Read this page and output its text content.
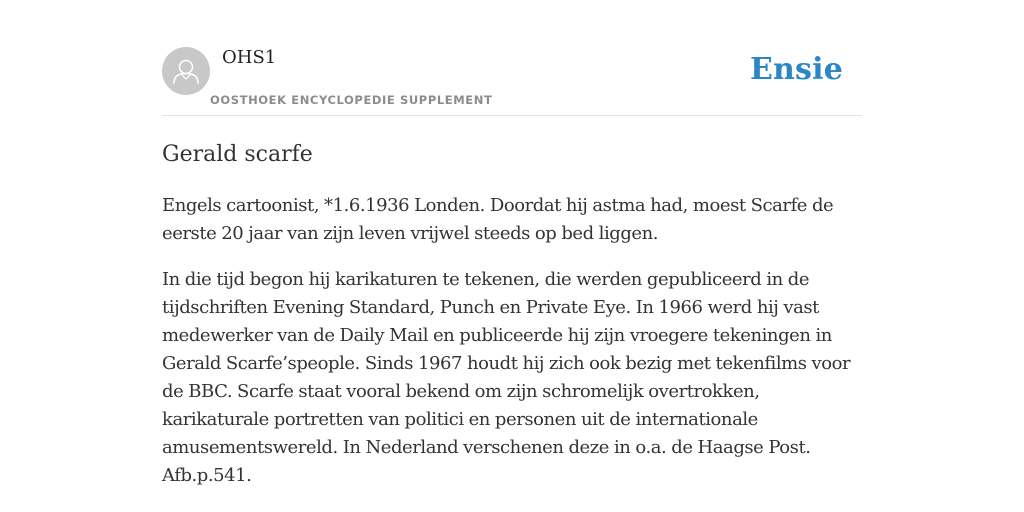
OHS1
OOSTHOEK ENCYCLOPEDIE SUPPLEMENT
Ensie
Gerald scarfe

Engels cartoonist, *1.6.1936 Londen. Doordat hij astma had, moest Scarfe de eerste 20 jaar van zijn leven vrijwel steeds op bed liggen.

In die tijd begon hij karikaturen te tekenen, die werden gepubliceerd in de tijdschriften Evening Standard, Punch en Private Eye. In 1966 werd hij vast medewerker van de Daily Mail en publiceerde hij zijn vroegere tekeningen in Gerald Scarfe’speople. Sinds 1967 houdt hij zich ook bezig met tekenfilms voor de BBC. Scarfe staat vooral bekend om zijn schromelijk overtrokken, karikaturale portretten van politici en personen uit de internationale amusementswereld. In Nederland verschenen deze in o.a. de Haagse Post. Afb.p.541.
